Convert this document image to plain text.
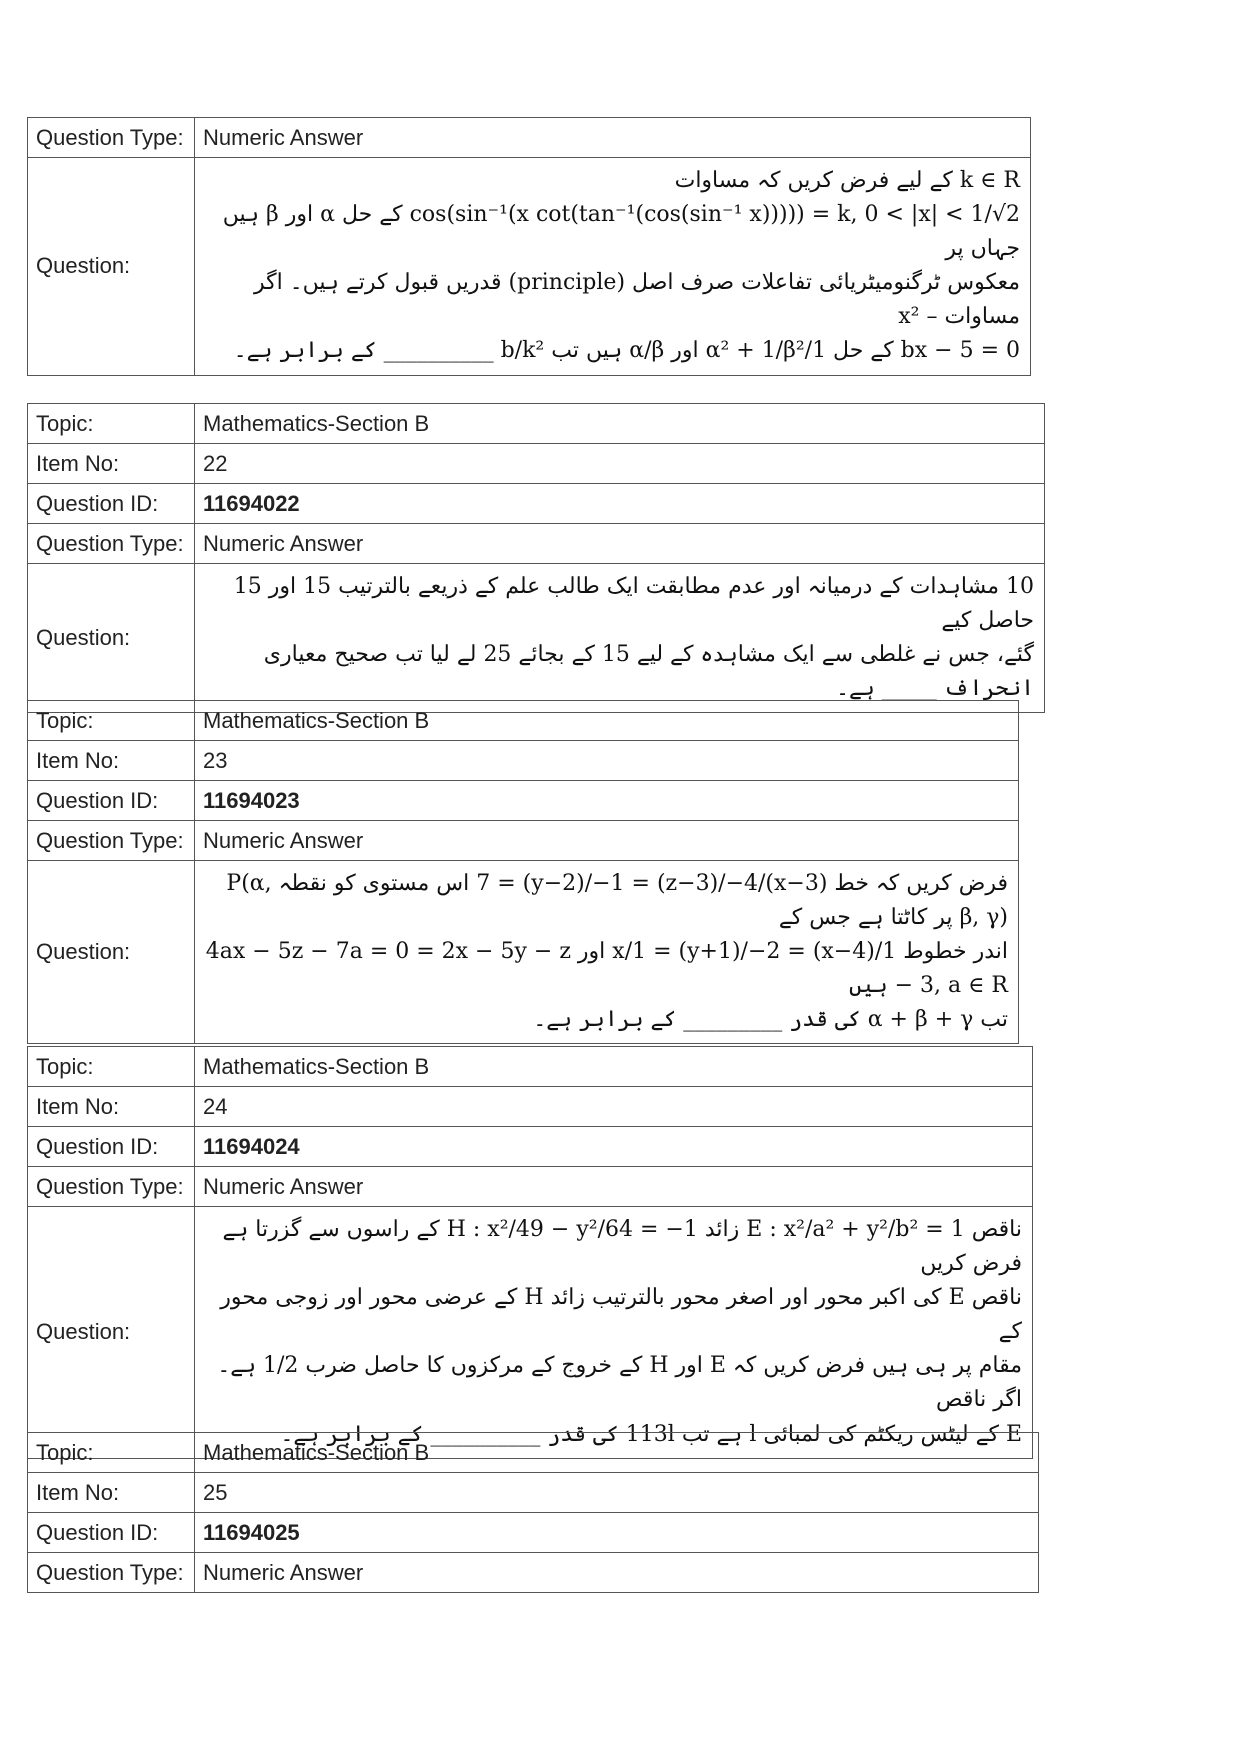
Question Type:	Numeric Answer
Question:	k ∈ R کے لیے فرض کریں کہ مساوات
cos(sin⁻¹(x cot(tan⁻¹(cos(sin⁻¹ x))))) = k, 0 < |x| < 1/√2 کے حل α اور β ہیں جہاں پر
معکوس ٹرگنومیٹریائی تفاعلات صرف اصل (principle) قدریں قبول کرتے ہیں۔ اگر مساوات – x²
bx − 5 = 0 کے حل 1/α² + 1/β² اور α/β ہیں تب b/k² __________ کے برابر ہے۔
Topic:	Mathematics-Section B
Item No:	22
Question ID:	11694022
Question Type:	Numeric Answer
Question:	10 مشاہدات کے درمیانہ اور عدم مطابقت ایک طالب علم کے ذریعے بالترتیب 15 اور 15 حاصل کیے
گئے، جس نے غلطی سے ایک مشاہدہ کے لیے 15 کے بجائے 25 لے لیا تب صحیح معیاری
انحراف _____ ہے۔
Topic:	Mathematics-Section B
Item No:	23
Question ID:	11694023
Question Type:	Numeric Answer
Question:	فرض کریں کہ خط (x−3)/7 = (y−2)/−1 = (z−3)/−4 اس مستوی کو نقطہ P(α, β, γ) پر کاٹتا ہے جس کے
اندر خطوط x/1 = (y+1)/−2 = (x−4)/1 اور 4ax − 5z − 7a = 0 = 2x − 5y − z − 3, a ∈ R ہیں
تب α + β + γ کی قدر _________ کے برابر ہے۔
Topic:	Mathematics-Section B
Item No:	24
Question ID:	11694024
Question Type:	Numeric Answer
Question:	ناقص E : x²/a² + y²/b² = 1 زائد H : x²/49 − y²/64 = −1 کے راسوں سے گزرتا ہے فرض کریں
ناقص E کی اکبر محور اور اصغر محور بالترتیب زائد H کے عرضی محور اور زوجی محور کے
مقام پر ہی ہیں فرض کریں کہ E اور H کے خروج کے مرکزوں کا حاصل ضرب 1/2 ہے۔ اگر ناقص
E کے لیٹس ریکٹم کی لمبائی l ہے تب 113l کی قدر __________ کے برابر ہے۔
Topic:	Mathematics-Section B
Item No:	25
Question ID:	11694025
Question Type:	Numeric Answer
